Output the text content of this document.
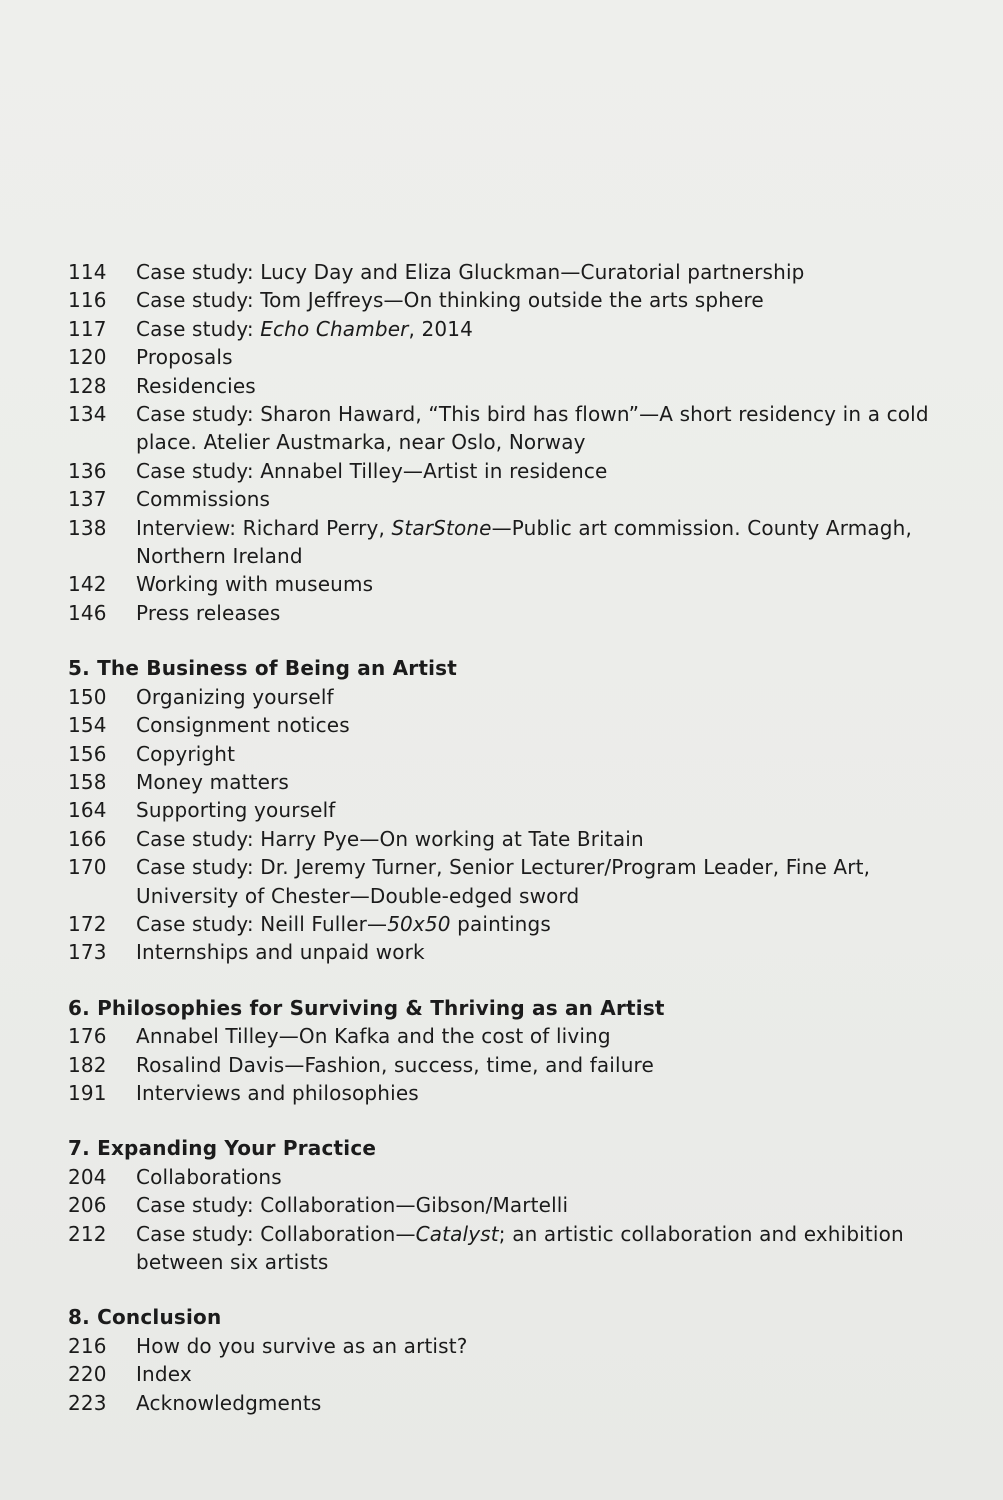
114	Case study: Lucy Day and Eliza Gluckman—Curatorial partnership
116	Case study: Tom Jeffreys—On thinking outside the arts sphere
117	Case study: Echo Chamber, 2014
120	Proposals
128	Residencies
134	Case study: Sharon Haward, “This bird has flown”—A short residency in a cold place. Atelier Austmarka, near Oslo, Norway
136	Case study: Annabel Tilley—Artist in residence
137	Commissions
138	Interview: Richard Perry, StarStone—Public art commission. County Armagh, Northern Ireland
142	Working with museums
146	Press releases
5. The Business of Being an Artist
150	Organizing yourself
154	Consignment notices
156	Copyright
158	Money matters
164	Supporting yourself
166	Case study: Harry Pye—On working at Tate Britain
170	Case study: Dr. Jeremy Turner, Senior Lecturer/Program Leader, Fine Art, University of Chester—Double-edged sword
172	Case study: Neill Fuller—50x50 paintings
173	Internships and unpaid work
6. Philosophies for Surviving & Thriving as an Artist
176	Annabel Tilley—On Kafka and the cost of living
182	Rosalind Davis—Fashion, success, time, and failure
191	Interviews and philosophies
7. Expanding Your Practice
204	Collaborations
206	Case study: Collaboration—Gibson/Martelli
212	Case study: Collaboration—Catalyst; an artistic collaboration and exhibition between six artists
8. Conclusion
216	How do you survive as an artist?
220	Index
223	Acknowledgments
